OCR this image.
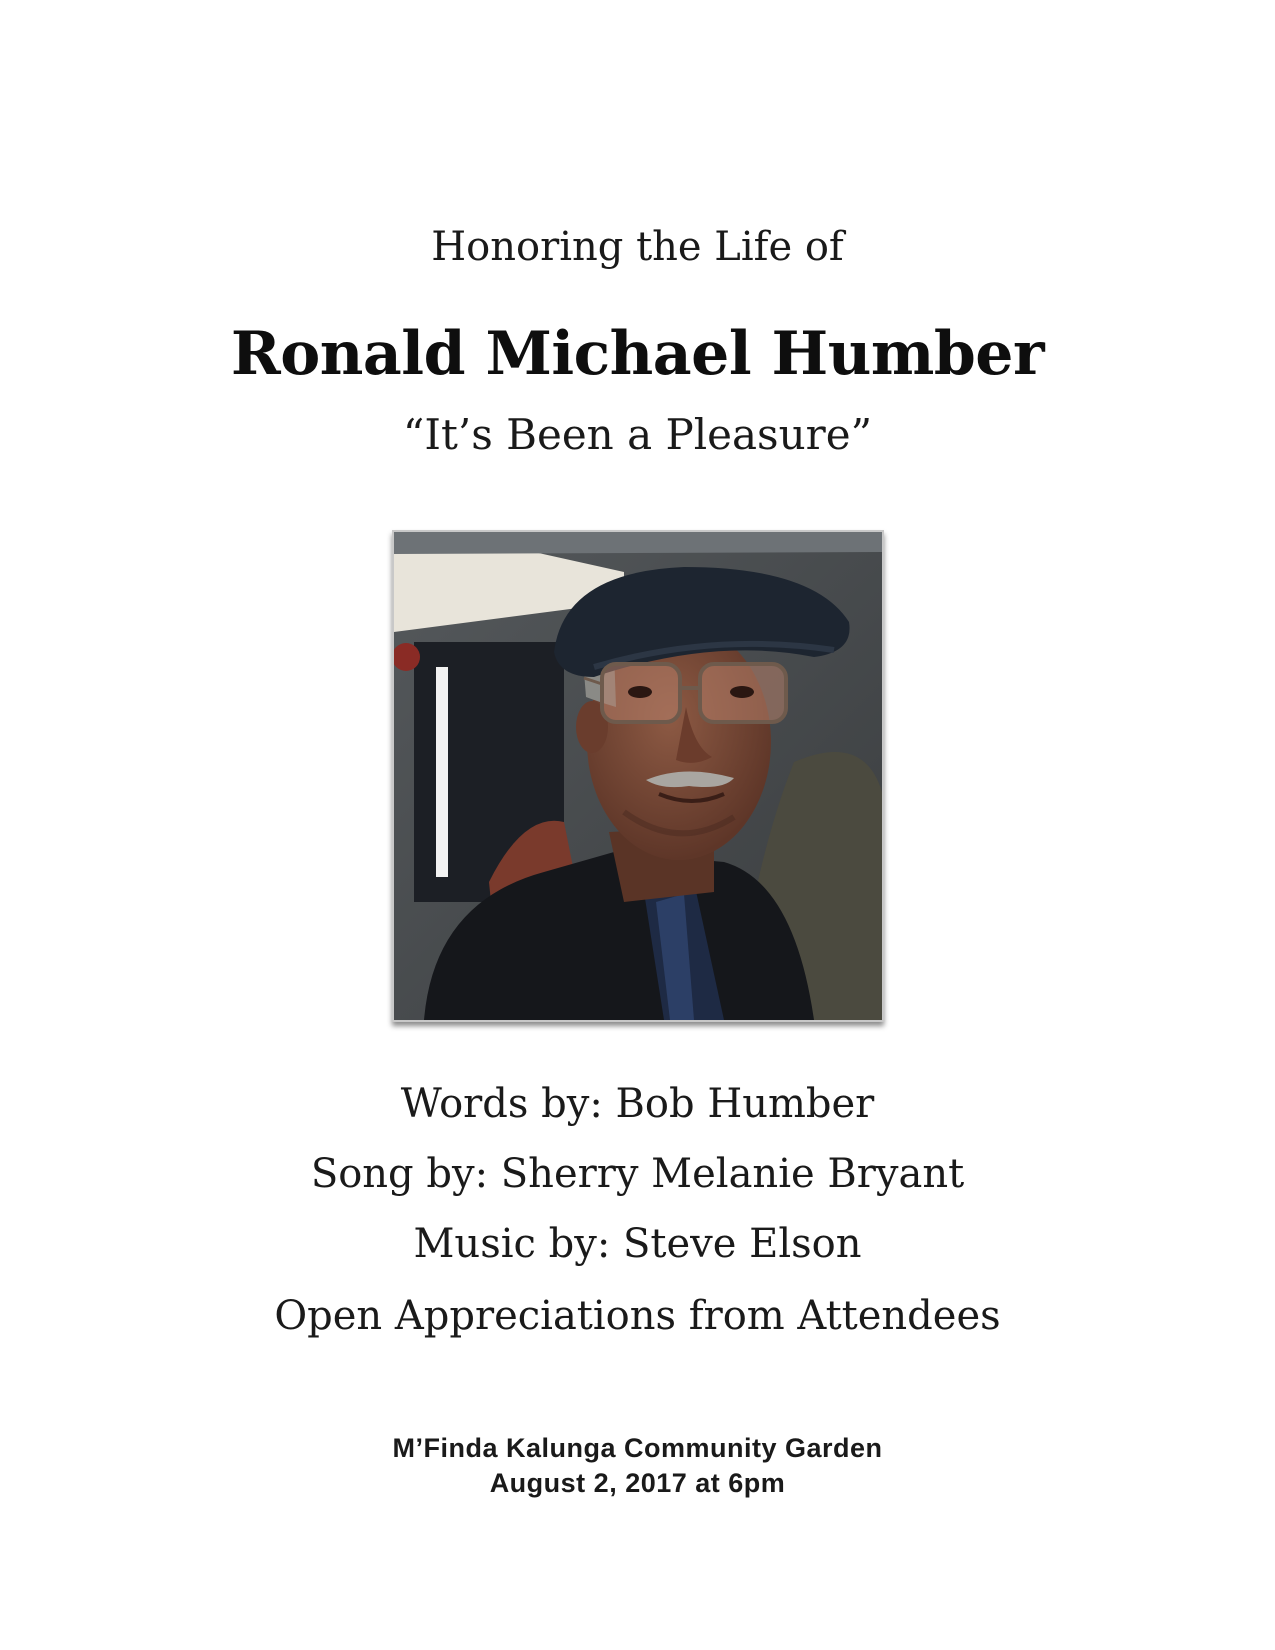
Honoring the Life of
Ronald Michael Humber
“It’s Been a Pleasure”
Words by: Bob Humber
Song by: Sherry Melanie Bryant
Music by: Steve Elson
Open Appreciations from Attendees
M’Finda Kalunga Community Garden
August 2, 2017 at 6pm
